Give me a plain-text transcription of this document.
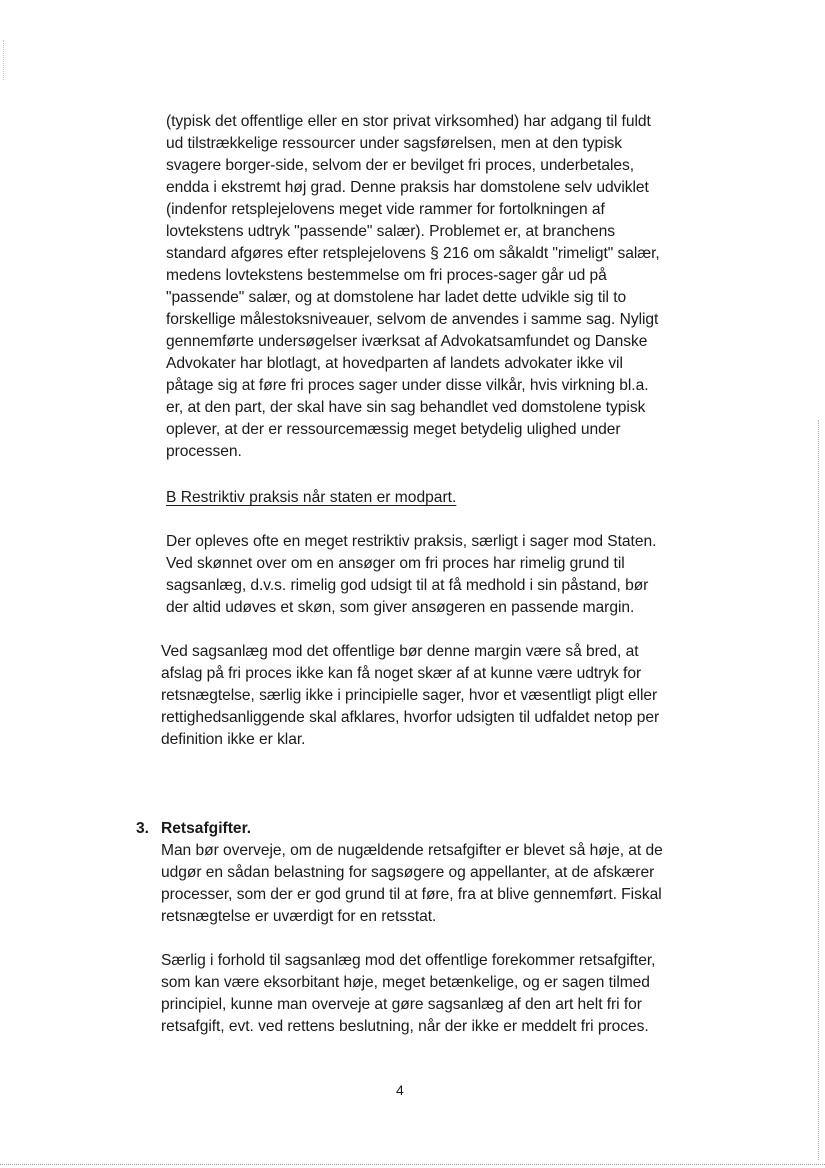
(typisk det offentlige eller en stor privat virksomhed) har adgang til fuldt
ud tilstrækkelige ressourcer under sagsførelsen, men at den typisk
svagere borger-side, selvom der er bevilget fri proces, underbetales,
endda i ekstremt høj grad. Denne praksis har domstolene selv udviklet
(indenfor retsplejelovens meget vide rammer for fortolkningen af
lovtekstens udtryk "passende" salær). Problemet er, at branchens
standard afgøres efter retsplejelovens § 216 om såkaldt "rimeligt" salær,
medens lovtekstens bestemmelse om fri proces-sager går ud på
"passende" salær, og at domstolene har ladet dette udvikle sig til to
forskellige målestoksniveauer, selvom de anvendes i samme sag. Nyligt
gennemførte undersøgelser iværksat af Advokatsamfundet og Danske
Advokater har blotlagt, at hovedparten af landets advokater ikke vil
påtage sig at føre fri proces sager under disse vilkår, hvis virkning bl.a.
er, at den part, der skal have sin sag behandlet ved domstolene typisk
oplever, at der er ressourcemæssig meget betydelig ulighed under
processen.
B Restriktiv praksis når staten er modpart.
Der opleves ofte en meget restriktiv praksis, særligt i sager mod Staten.
Ved skønnet over om en ansøger om fri proces har rimelig grund til
sagsanlæg, d.v.s. rimelig god udsigt til at få medhold i sin påstand, bør
der altid udøves et skøn, som giver ansøgeren en passende margin.
Ved sagsanlæg mod det offentlige bør denne margin være så bred, at
afslag på fri proces ikke kan få noget skær af at kunne være udtryk for
retsnægtelse, særlig ikke i principielle sager, hvor et væsentligt pligt eller
rettighedsanliggende skal afklares, hvorfor udsigten til udfaldet netop per
definition ikke er klar.
3. Retsafgifter.
Man bør overveje, om de nugældende retsafgifter er blevet så høje, at de
udgør en sådan belastning for sagsøgere og appellanter, at de afskærer
processer, som der er god grund til at føre, fra at blive gennemført. Fiskal
retsnægtelse er uværdigt for en retsstat.
Særlig i forhold til sagsanlæg mod det offentlige forekommer retsafgifter,
som kan være eksorbitant høje, meget betænkelige, og er sagen tilmed
principiel, kunne man overveje at gøre sagsanlæg af den art helt fri for
retsafgift, evt. ved rettens beslutning, når der ikke er meddelt fri proces.
4
